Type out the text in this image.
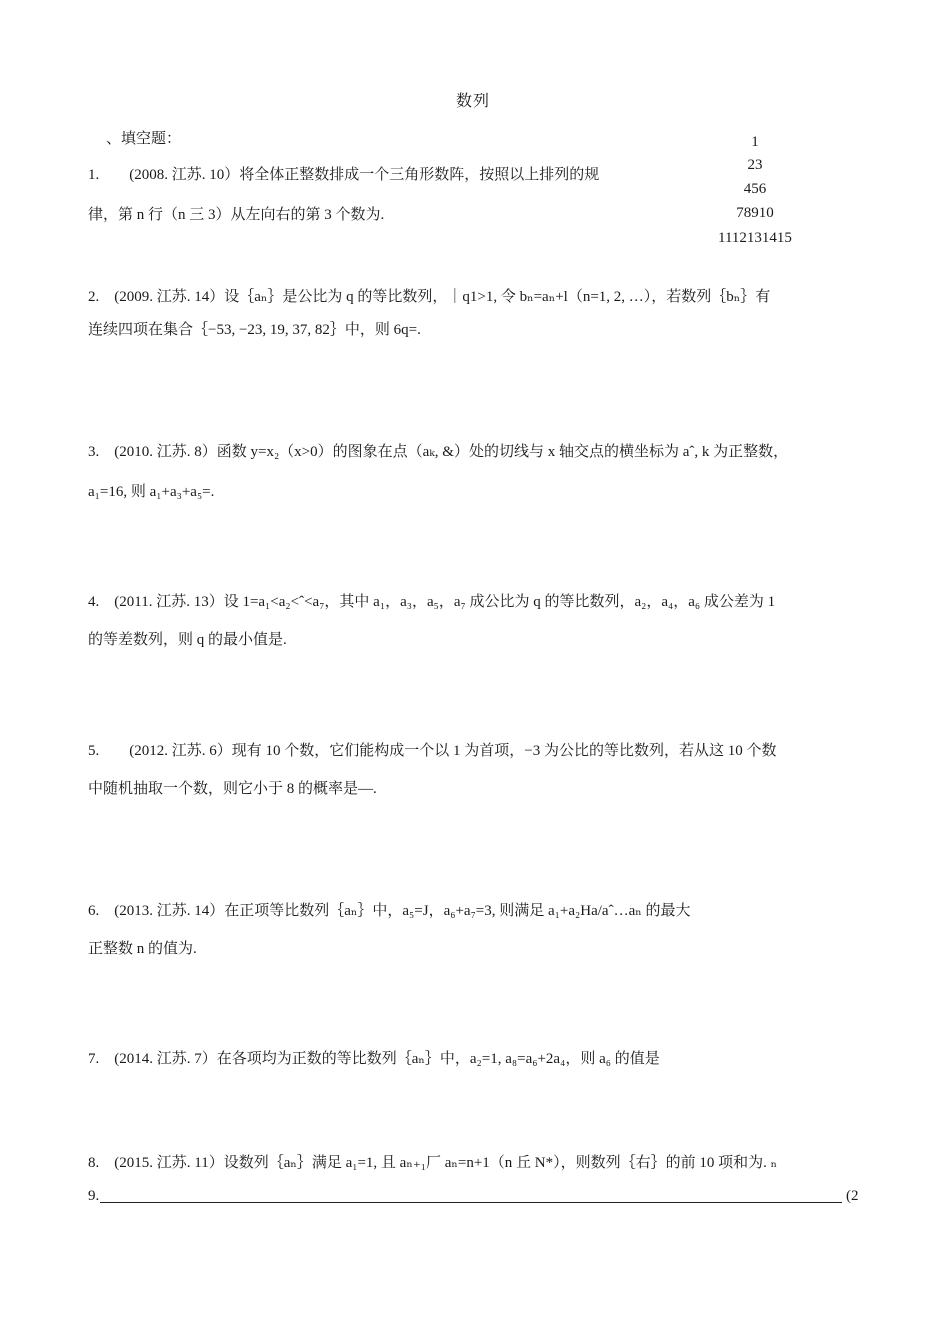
数列
、填空题：	1
23
456
78910
1112131415
1.　　(2008. 江苏. 10）将全体正整数排成一个三角形数阵，按照以上排列的规
律，第 n 行（n 三 3）从左向右的第 3 个数为.
2.　(2009. 江苏. 14）设｛aₙ｝是公比为 q 的等比数列，｜q1>1, 令 bₙ=aₙ+l（n=1, 2, …），若数列｛bₙ｝有
连续四项在集合｛−53, −23, 19, 37, 82｝中，则 6q=.
3.　(2010. 江苏. 8）函数 y=x₂（x>0）的图象在点（aₖ, &）处的切线与 x 轴交点的横坐标为 aˆ, k 为正整数，
a₁=16, 则 a₁+a₃+a₅=.
4.　(2011. 江苏. 13）设 1=a₁<a₂<ˆ<a₇，其中 a₁，a₃，a₅，a₇ 成公比为 q 的等比数列，a₂，a₄，a₆ 成公差为 1
的等差数列，则 q 的最小值是.
5.　　(2012. 江苏. 6）现有 10 个数，它们能构成一个以 1 为首项，−3 为公比的等比数列，若从这 10 个数
中随机抽取一个数，则它小于 8 的概率是—.
6.　(2013. 江苏. 14）在正项等比数列｛aₙ｝中，a₅=J，a₆+a₇=3, 则满足 a₁+a₂Ha/aˆ…aₙ 的最大
正整数 n 的值为.
7.　(2014. 江苏. 7）在各项均为正数的等比数列｛aₙ｝中，a₂=1, a₈=a₆+2a₄，则 a₆ 的值是
8.　(2015. 江苏. 11）设数列｛aₙ｝满足 a₁=1, 且 aₙ₊₁厂 aₙ=n+1（n 丘 N*），则数列｛右｝的前 10 项和为. ₙ
9.	(2
